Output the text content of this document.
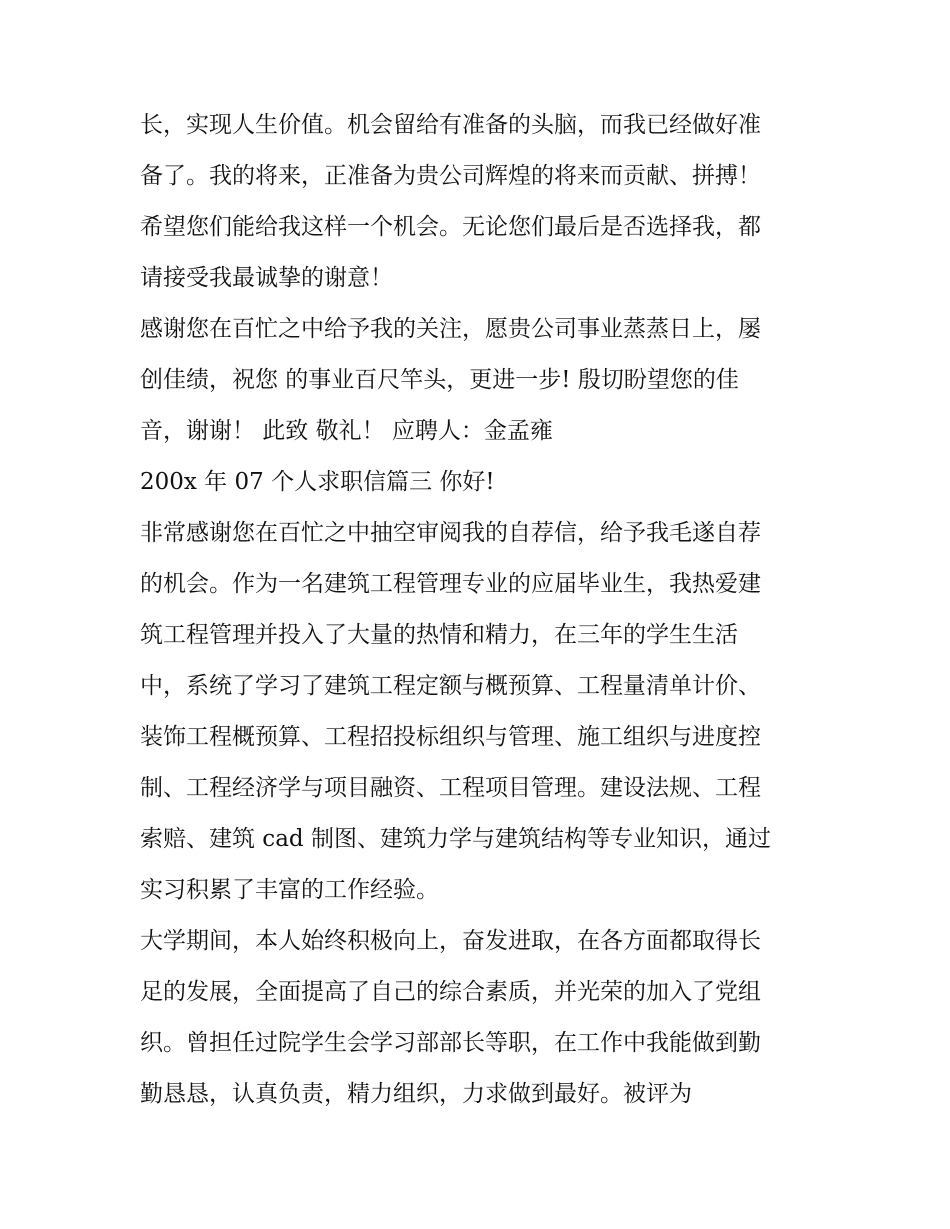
长，实现人生价值。机会留给有准备的头脑，而我已经做好准
备了。我的将来，正准备为贵公司辉煌的将来而贡献、拼搏！
希望您们能给我这样一个机会。无论您们最后是否选择我，都
请接受我最诚挚的谢意！
感谢您在百忙之中给予我的关注，愿贵公司事业蒸蒸日上，屡
创佳绩，祝您 的事业百尺竿头，更进一步! 殷切盼望您的佳
音，谢谢！ 此致 敬礼！ 应聘人：金孟雍
200x 年 07 个人求职信篇三 你好!
非常感谢您在百忙之中抽空审阅我的自荐信，给予我毛遂自荐
的机会。作为一名建筑工程管理专业的应届毕业生，我热爱建
筑工程管理并投入了大量的热情和精力，在三年的学生生活
中，系统了学习了建筑工程定额与概预算、工程量清单计价、
装饰工程概预算、工程招投标组织与管理、施工组织与进度控
制、工程经济学与项目融资、工程项目管理。建设法规、工程
索赔、建筑 cad 制图、建筑力学与建筑结构等专业知识，通过
实习积累了丰富的工作经验。
大学期间，本人始终积极向上，奋发进取，在各方面都取得长
足的发展，全面提高了自己的综合素质，并光荣的加入了党组
织。曾担任过院学生会学习部部长等职，在工作中我能做到勤
勤恳恳，认真负责，精力组织，力求做到最好。被评为
